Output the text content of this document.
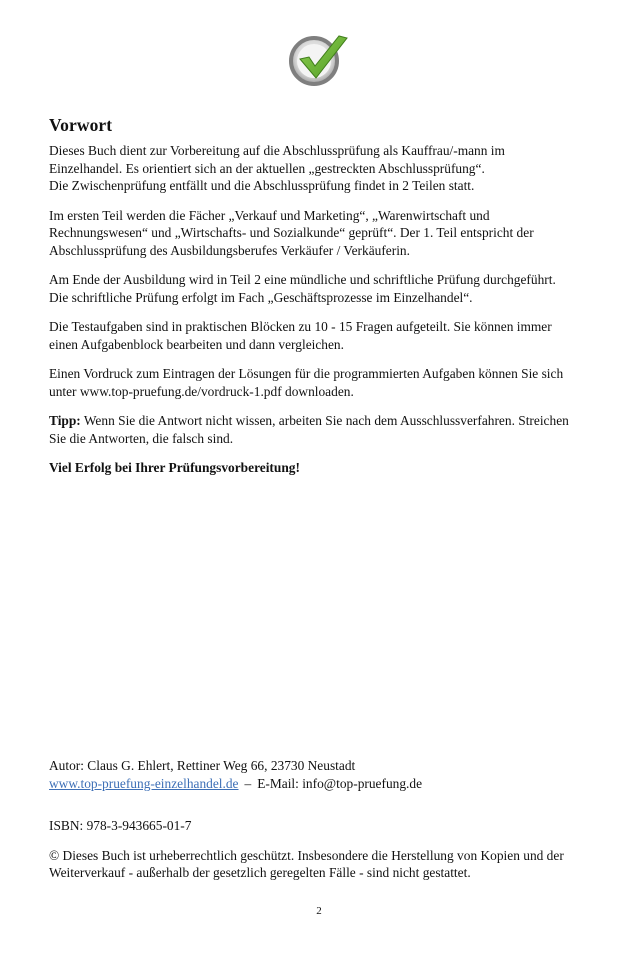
Vorwort
Dieses Buch dient zur Vorbereitung auf die Abschlussprüfung als Kauffrau/-mann im
Einzelhandel. Es orientiert sich an der aktuellen „gestreckten Abschlussprüfung“.
Die Zwischenprüfung entfällt und die Abschlussprüfung findet in 2 Teilen statt.
Im ersten Teil werden die Fächer „Verkauf und Marketing“, „Warenwirtschaft und
Rechnungswesen“ und „Wirtschafts- und Sozialkunde“ geprüft“. Der 1. Teil entspricht der
Abschlussprüfung des Ausbildungsberufes Verkäufer / Verkäuferin.
Am Ende der Ausbildung wird in Teil 2 eine mündliche und schriftliche Prüfung durchgeführt.
Die schriftliche Prüfung erfolgt im Fach „Geschäftsprozesse im Einzelhandel“.
Die Testaufgaben sind in praktischen Blöcken zu 10 - 15 Fragen aufgeteilt. Sie können immer
einen Aufgabenblock bearbeiten und dann vergleichen.
Einen Vordruck zum Eintragen der Lösungen für die programmierten Aufgaben können Sie sich
unter www.top-pruefung.de/vordruck-1.pdf downloaden.
Tipp: Wenn Sie die Antwort nicht wissen, arbeiten Sie nach dem Ausschlussverfahren. Streichen
Sie die Antworten, die falsch sind.
Viel Erfolg bei Ihrer Prüfungsvorbereitung!
Autor: Claus G. Ehlert, Rettiner Weg 66, 23730 Neustadt
www.top-pruefung-einzelhandel.de – E-Mail: info@top-pruefung.de
ISBN: 978-3-943665-01-7
© Dieses Buch ist urheberrechtlich geschützt. Insbesondere die Herstellung von Kopien und der
Weiterverkauf - außerhalb der gesetzlich geregelten Fälle - sind nicht gestattet.
2
